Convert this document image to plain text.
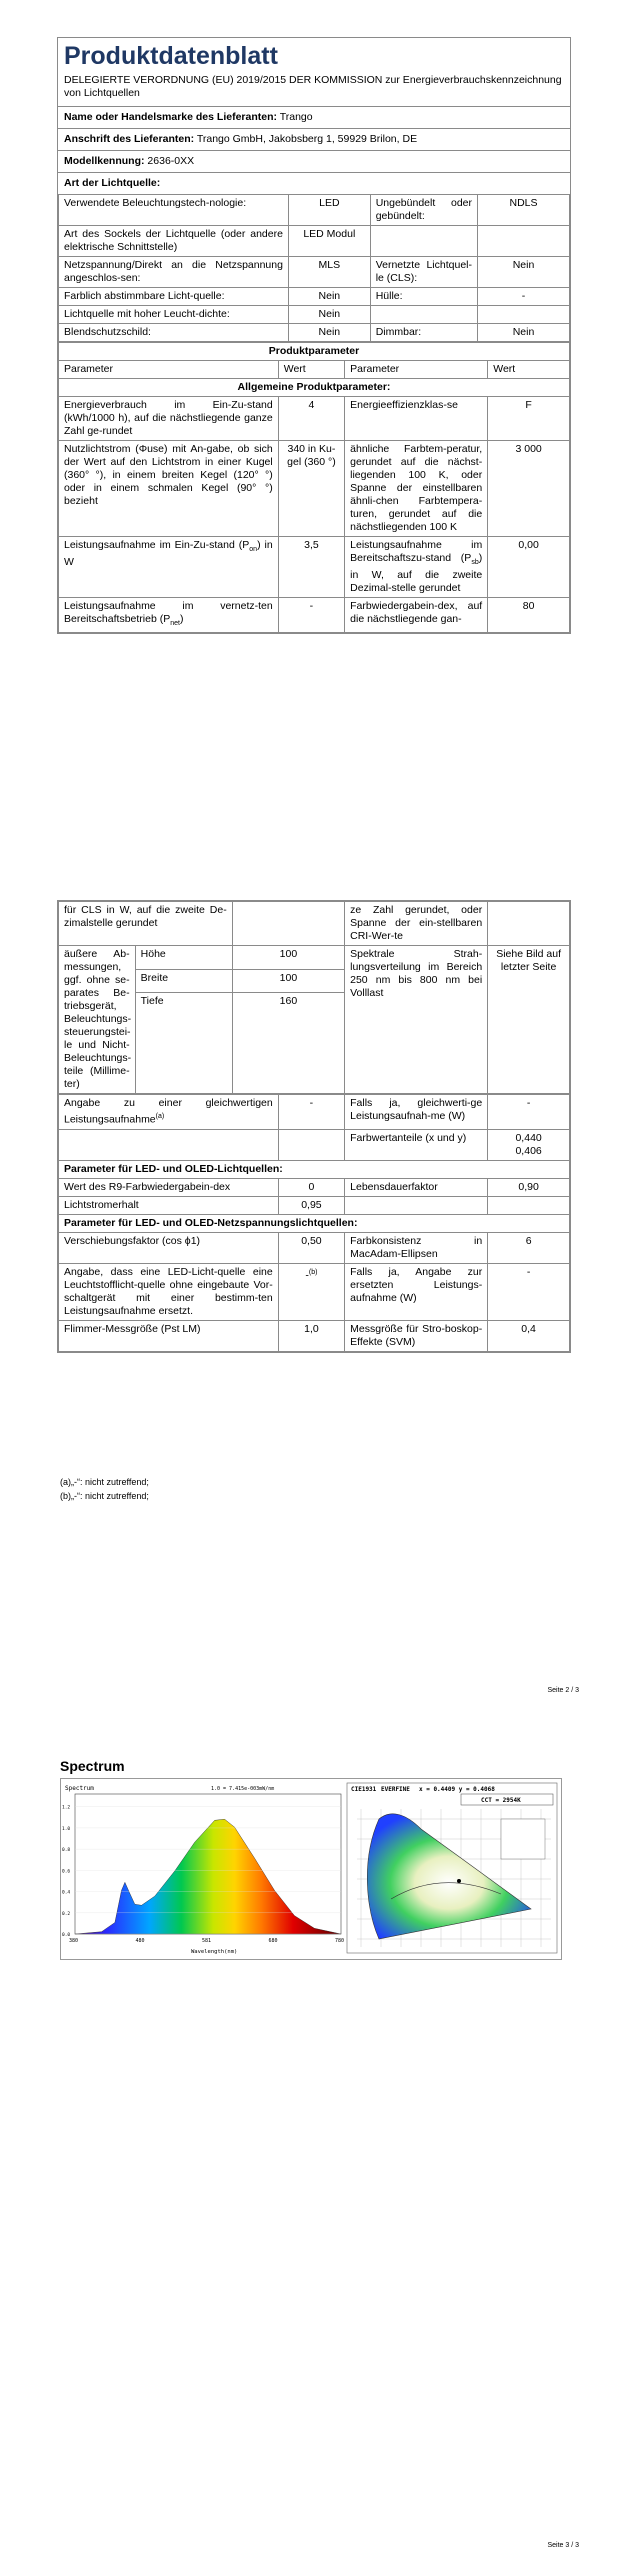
Produktdatenblatt
DELEGIERTE VERORDNUNG (EU) 2019/2015 DER KOMMISSION zur Energieverbrauchskennzeichnung von Lichtquellen
Name oder Handelsmarke des Lieferanten: Trango
Anschrift des Lieferanten: Trango GmbH, Jakobsberg 1, 59929 Brilon, DE
Modellkennung: 2636-0XX
Art der Lichtquelle:
Verwendete Beleuchtungstech-nologie:	LED	Ungebündelt oder gebündelt:	NDLS
Art des Sockels der Lichtquelle (oder andere elektrische Schnittstelle)	LED Modul		
Netzspannung/Direkt an die Netzspannung angeschlos-sen:	MLS	Vernetzte Lichtquel-le (CLS):	Nein
Farblich abstimmbare Licht-quelle:	Nein	Hülle:	-
Lichtquelle mit hoher Leucht-dichte:	Nein		
Blendschutzschild:	Nein	Dimmbar:	Nein
Produktparameter			
Parameter	Wert	Parameter	Wert
Allgemeine Produktparameter:			
Energieverbrauch im Ein-Zu-stand (kWh/1000 h), auf die nächstliegende ganze Zahl ge-rundet	4	Energieeffizienzklas-se	F
Nutzlichtstrom (Φuse) mit An-gabe, ob sich der Wert auf den Lichtstrom in einer Kugel (360° °), in einem breiten Kegel (120° °) oder in einem schmalen Kegel (90° °) bezieht	340 in Ku-gel (360 °)	ähnliche Farbtem-peratur, gerundet auf die nächst-liegenden 100 K, oder Spanne der einstellbaren ähnli-chen Farbtempera-turen, gerundet auf die nächstliegenden 100 K	3 000
Leistungsaufnahme im Ein-Zu-stand $(P_{on})$ in W	3,5	Leistungsaufnahme im Bereitschaftszu-stand $(P_{sb})$ in W, auf die zweite Dezimal-stelle gerundet	0,00
Leistungsaufnahme im vernetz-ten Bereitschaftsbetrieb $(P_{net})$	-	Farbwiedergabein-dex, auf die nächstliegende gan-	80
für CLS in W, auf die zweite De-zimalstelle gerundet			ze Zahl gerundet, oder Spanne der ein-stellbaren CRI-Wer-te	
äußere Ab-messungen, ggf. ohne se-parates Be-triebsgerät, Beleuchtungs-steuerungstei-le und Nicht-Beleuchtungs-teile (Millime-ter)	Höhe	100	Spektrale Strah-lungsverteilung im Bereich 250 nm bis 800 nm bei Volllast	Siehe Bild auf letzter Seite
	Breite	100		
	Tiefe	160		
Angabe zu einer gleichwertigen Leistungsaufnahme$^{(a)}$	-	Falls ja, gleichwerti-ge Leistungsaufnah-me (W)	-
		Farbwertanteile (x und y)	0,440
0,406
Parameter für LED- und OLED-Lichtquellen:			
Wert des R9-Farbwiedergabein-dex	0	Lebensdauerfaktor	0,90
Lichtstromerhalt	0,95		
Parameter für LED- und OLED-Netzspannungslichtquellen:			
Verschiebungsfaktor (cos ϕ1)	0,50	Farbkonsistenz in MacAdam-Ellipsen	6
Angabe, dass eine LED-Licht-quelle eine Leuchtstofflicht-quelle ohne eingebaute Vor-schaltgerät mit einer bestimm-ten Leistungsaufnahme ersetzt.	-$^{(b)}$	Falls ja, Angabe zur ersetzten Leistungs-aufnahme (W)	-
Flimmer-Messgröße (Pst LM)	1,0	Messgröße für Stro-boskop-Effekte (SVM)	0,4
(a)„-“: nicht zutreffend;
(b)„-“: nicht zutreffend;
Seite 2 / 3
Spectrum
Spectrum	1.0 = 7.415e-003mW/nm
380	480	581	680	780
0.0
0.2
0.4
0.6
0.8
1.0
1.2
Wavelength(nm)
CIE1931 EVERFINE x = 0.4409 y = 0.4068
CCT = 2954K
Seite 3 / 3
